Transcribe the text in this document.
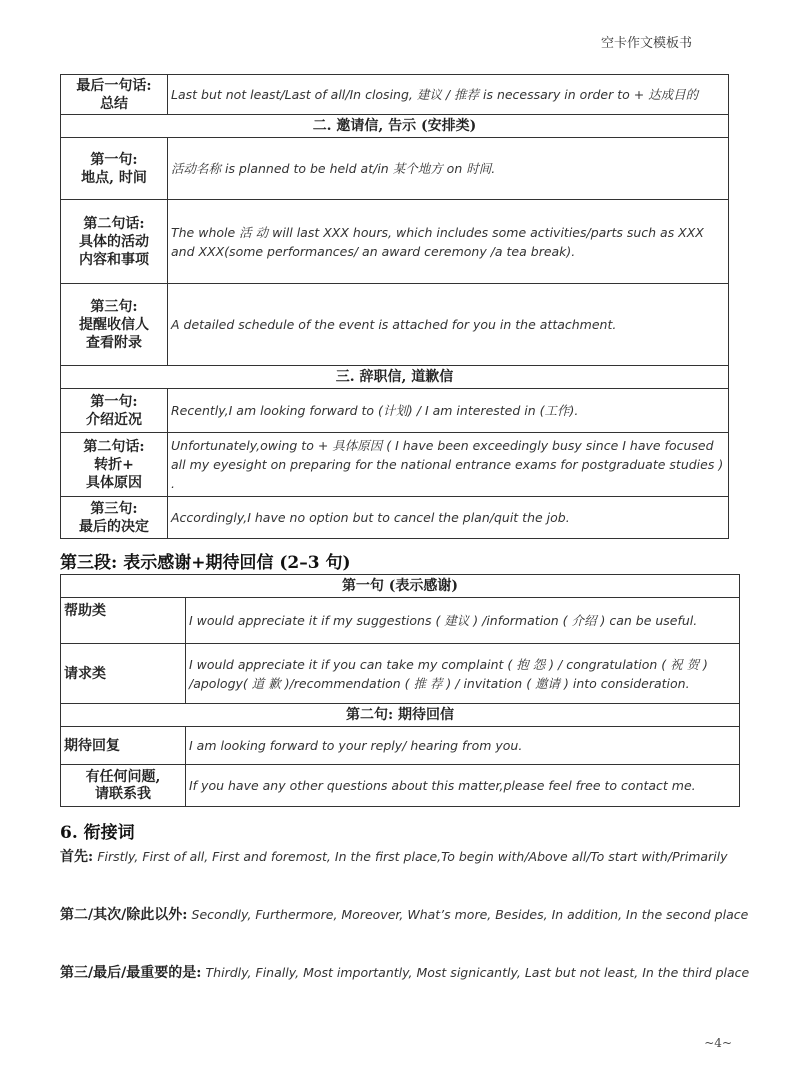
空卡作文模板书
最后一句话:
总结	Last but not least/Last of all/In closing, 建议 / 推荐 is necessary in order to + 达成目的
二. 邀请信, 告示 (安排类)	
第一句:
地点, 时间	活动名称 is planned to be held at/in 某个地方 on 时间.
第二句话:
具体的活动
内容和事项	The whole 活 动 will last XXX hours, which includes some activities/parts such as XXX and XXX(some performances/ an award ceremony /a tea break).
第三句:
提醒收信人
查看附录	A detailed schedule of the event is attached for you in the attachment.
三. 辞职信, 道歉信	
第一句:
介绍近况	Recently,I am looking forward to (计划) / I am interested in (工作).
第二句话:
转折+
具体原因	Unfortunately,owing to + 具体原因 ( I have been exceedingly busy since I have focused all my eyesight on preparing for the national entrance exams for postgraduate studies ) .
第三句:
最后的决定	Accordingly,I have no option but to cancel the plan/quit the job.
第三段: 表示感谢+期待回信 (2–3 句)
第一句 (表示感谢)	
帮助类	I would appreciate it if my suggestions ( 建议 ) /information ( 介绍 ) can be useful.
请求类	I would appreciate it if you can take my complaint ( 抱 怨 ) / congratulation ( 祝 贺 ) /apology( 道 歉 )/recommendation ( 推 荐 ) / invitation ( 邀请 ) into consideration.
第二句: 期待回信	
期待回复	I am looking forward to your reply/ hearing from you.
有任何问题,
请联系我	If you have any other questions about this matter,please feel free to contact me.
6. 衔接词
首先: Firstly, First of all, First and foremost, In the first place,To begin with/Above all/To start with/Primarily
第二/其次/除此以外: Secondly, Furthermore, Moreover, What’s more, Besides, In addition, In the second place
第三/最后/最重要的是: Thirdly, Finally, Most importantly, Most signicantly, Last but not least, In the third place
~4~
